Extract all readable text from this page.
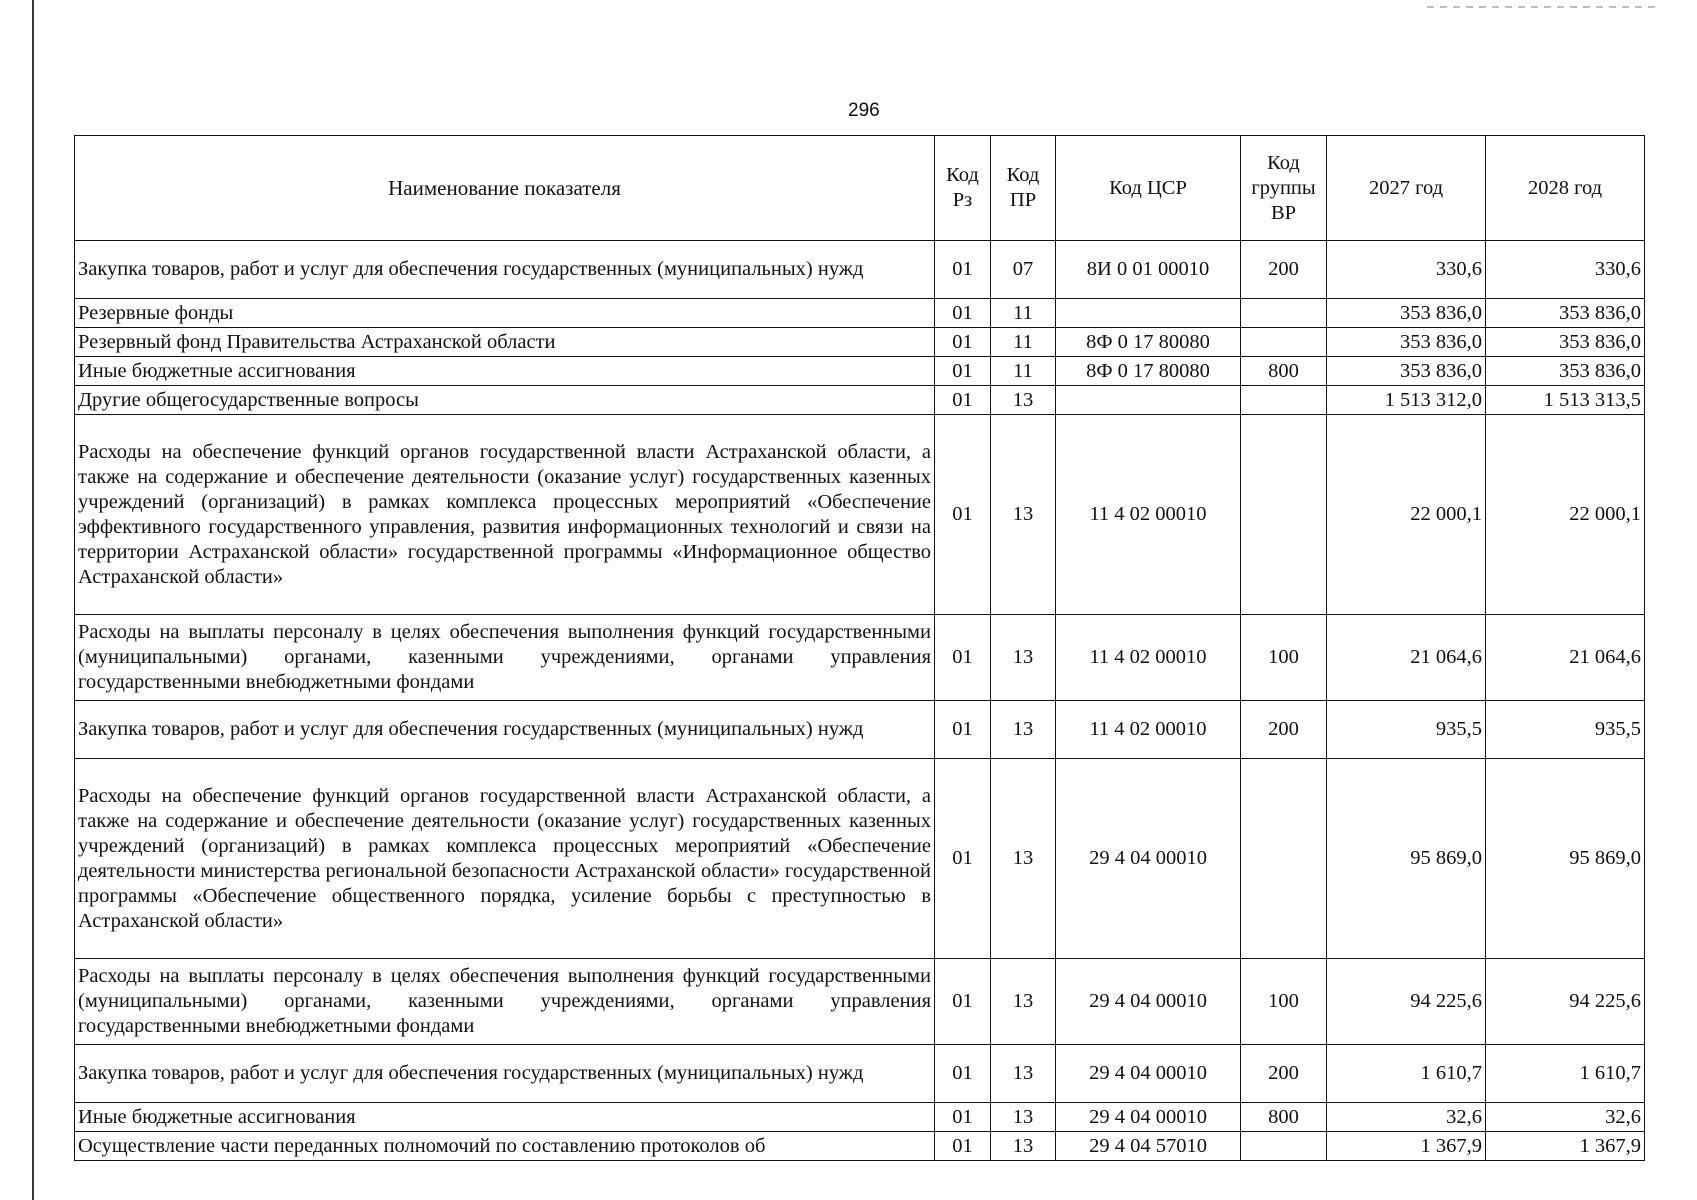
296
Наименование показателя	Код Рз	Код ПР	Код ЦСР	Код группы ВР	2027 год	2028 год
Закупка товаров, работ и услуг для обеспечения государственных (муниципальных) нужд	01	07	8И 0 01 00010	200	330,6	330,6
Резервные фонды	01	11			353 836,0	353 836,0
Резервный фонд Правительства Астраханской области	01	11	8Ф 0 17 80080		353 836,0	353 836,0
Иные бюджетные ассигнования	01	11	8Ф 0 17 80080	800	353 836,0	353 836,0
Другие общегосударственные вопросы	01	13			1 513 312,0	1 513 313,5
Расходы на обеспечение функций органов государственной власти Астраханской области, а также на содержание и обеспечение деятельности (оказание услуг) государственных казенных учреждений (организаций) в рамках комплекса процессных мероприятий «Обеспечение эффективного государственного управления, развития информационных технологий и связи на территории Астраханской области» государственной программы «Информационное общество Астраханской области»	01	13	11 4 02 00010		22 000,1	22 000,1
Расходы на выплаты персоналу в целях обеспечения выполнения функций государственными (муниципальными) органами, казенными учреждениями, органами управления государственными внебюджетными фондами	01	13	11 4 02 00010	100	21 064,6	21 064,6
Закупка товаров, работ и услуг для обеспечения государственных (муниципальных) нужд	01	13	11 4 02 00010	200	935,5	935,5
Расходы на обеспечение функций органов государственной власти Астраханской области, а также на содержание и обеспечение деятельности (оказание услуг) государственных казенных учреждений (организаций) в рамках комплекса процессных мероприятий «Обеспечение деятельности министерства региональной безопасности Астраханской области» государственной программы «Обеспечение общественного порядка, усиление борьбы с преступностью в Астраханской области»	01	13	29 4 04 00010		95 869,0	95 869,0
Расходы на выплаты персоналу в целях обеспечения выполнения функций государственными (муниципальными) органами, казенными учреждениями, органами управления государственными внебюджетными фондами	01	13	29 4 04 00010	100	94 225,6	94 225,6
Закупка товаров, работ и услуг для обеспечения государственных (муниципальных) нужд	01	13	29 4 04 00010	200	1 610,7	1 610,7
Иные бюджетные ассигнования	01	13	29 4 04 00010	800	32,6	32,6
Осуществление части переданных полномочий по составлению протоколов об	01	13	29 4 04 57010		1 367,9	1 367,9
